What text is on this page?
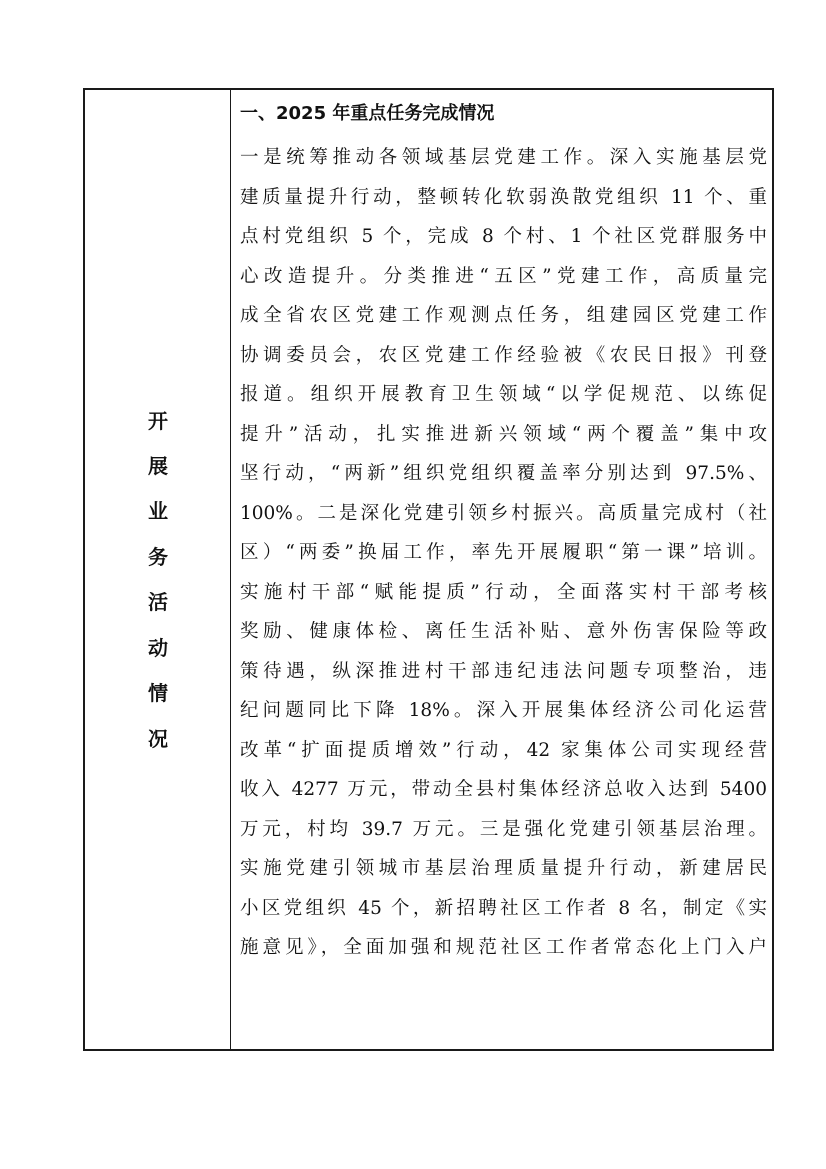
开
展
业
务
活
动
情
况
一、2025 年重点任务完成情况
一是统筹推动各领域基层党建工作。深入实施基层党
建质量提升行动，整顿转化软弱涣散党组织 11 个、重
点村党组织 5 个，完成 8 个村、1 个社区党群服务中
心改造提升。分类推进“五区”党建工作，高质量完
成全省农区党建工作观测点任务，组建园区党建工作
协调委员会，农区党建工作经验被《农民日报》刊登
报道。组织开展教育卫生领域“以学促规范、以练促
提升”活动，扎实推进新兴领域“两个覆盖”集中攻
坚行动，“两新”组织党组织覆盖率分别达到 97.5%、
100%。二是深化党建引领乡村振兴。高质量完成村（社
区）“两委”换届工作，率先开展履职“第一课”培训。
实施村干部“赋能提质”行动，全面落实村干部考核
奖励、健康体检、离任生活补贴、意外伤害保险等政
策待遇，纵深推进村干部违纪违法问题专项整治，违
纪问题同比下降 18%。深入开展集体经济公司化运营
改革“扩面提质增效”行动，42 家集体公司实现经营
收入 4277 万元，带动全县村集体经济总收入达到 5400
万元，村均 39.7 万元。三是强化党建引领基层治理。
实施党建引领城市基层治理质量提升行动，新建居民
小区党组织 45 个，新招聘社区工作者 8 名，制定《实
施意见》，全面加强和规范社区工作者常态化上门入户
